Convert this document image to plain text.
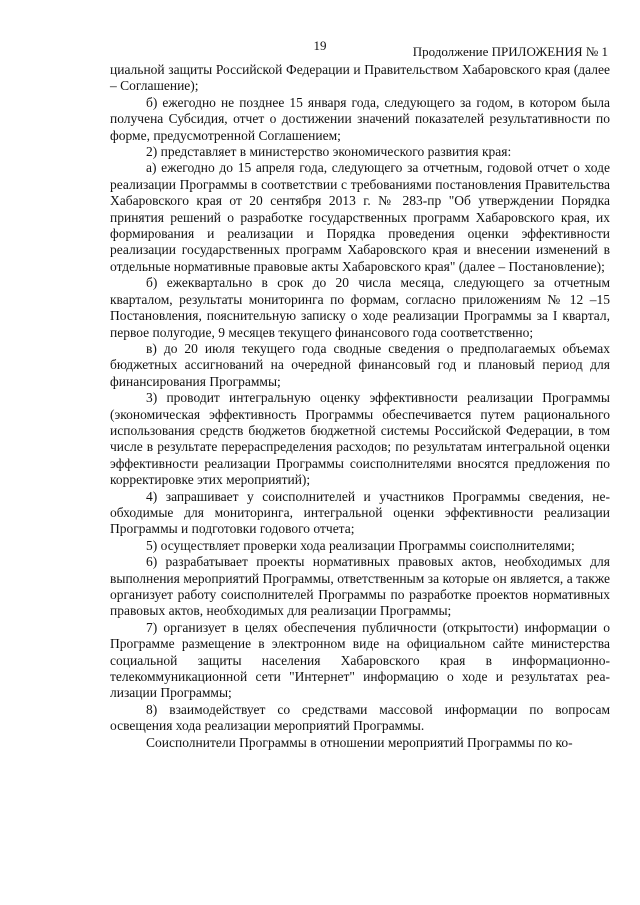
19	Продолжение ПРИЛОЖЕНИЯ № 1

циальной защиты Российской Федерации и Правительством Хабаровского края (далее – Соглашение);

б) ежегодно не позднее 15 января года, следующего за годом, в котором была получена Субсидия, отчет о достижении значений показателей результативности по форме, предусмотренной Соглашением;

2) представляет в министерство экономического развития края:

а) ежегодно до 15 апреля года, следующего за отчетным, годовой отчет о ходе реализации Программы в соответствии с требованиями постановления Правительства Хабаровского края от 20 сентября 2013 г. № 283-пр "Об утверждении Порядка принятия решений о разработке государственных программ Хабаровского края, их формирования и реализации и Порядка проведения оценки эффективности реализации государственных программ Хабаровского края и внесении изменений в отдельные нормативные правовые акты Хабаровского края" (далее – Постановление);

б) ежеквартально в срок до 20 числа месяца, следующего за отчетным кварталом, результаты мониторинга по формам, согласно приложениям № 12 –15 Постановления, пояснительную записку о ходе реализации Программы за I квартал, первое полугодие, 9 месяцев текущего финансового года соответственно;

в) до 20 июля текущего года сводные сведения о предполагаемых объемах бюджетных ассигнований на очередной финансовый год и плановый период для финансирования Программы;

3) проводит интегральную оценку эффективности реализации Программы (экономическая эффективность Программы обеспечивается путем рационального использования средств бюджетов бюджетной системы Российской Федерации, в том числе в результате перераспределения расходов; по результатам интегральной оценки эффективности реализации Программы соисполнителями вносятся предложения по корректировке этих мероприятий);

4) запрашивает у соисполнителей и участников Программы сведения, необходимые для мониторинга, интегральной оценки эффективности реализации Программы и подготовки годового отчета;

5) осуществляет проверки хода реализации Программы соисполнителями;

6) разрабатывает проекты нормативных правовых актов, необходимых для выполнения мероприятий Программы, ответственным за которые он является, а также организует работу соисполнителей Программы по разработке проектов нормативных правовых актов, необходимых для реализации Программы;

7) организует в целях обеспечения публичности (открытости) информации о Программе размещение в электронном виде на официальном сайте министерства социальной защиты населения Хабаровского края в информационнотелекоммуникационной сети "Интернет" информацию о ходе и результатах реализации Программы;

8) взаимодействует со средствами массовой информации по вопросам освещения хода реализации мероприятий Программы.

Соисполнители Программы в отношении мероприятий Программы по ко-
